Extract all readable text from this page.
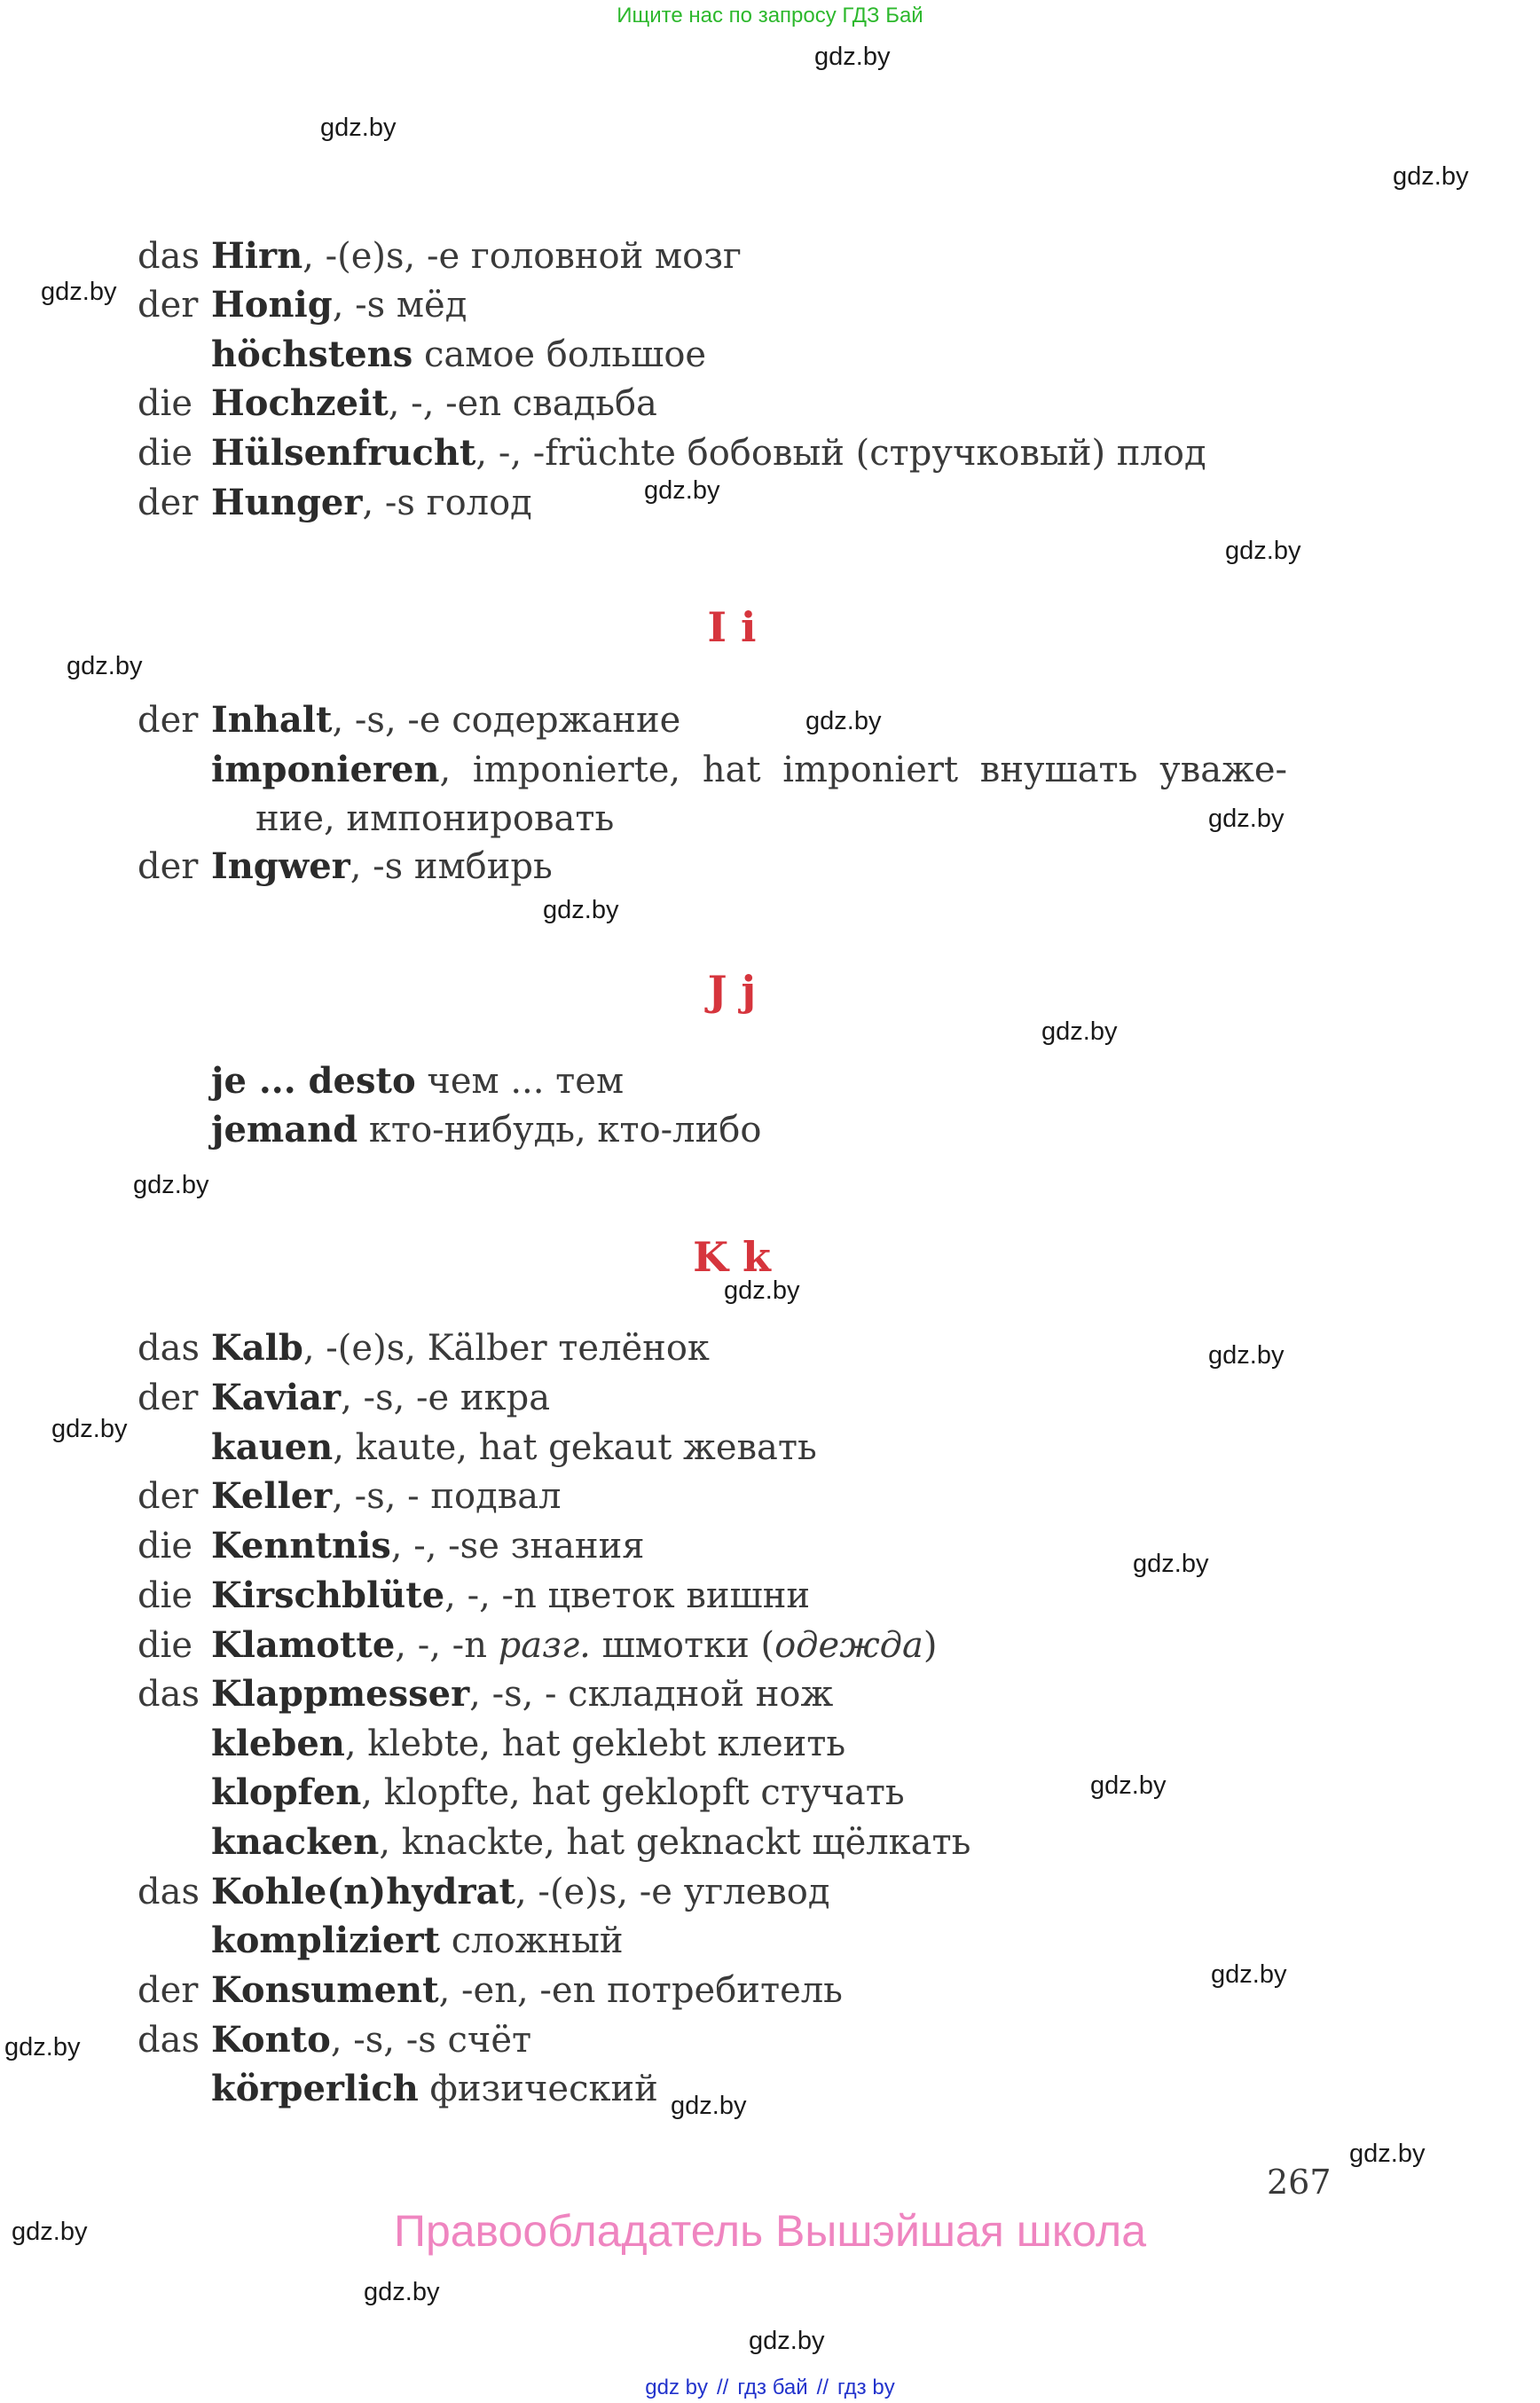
Ищите нас по запросу ГДЗ Бай
gdz.by
gdz.by
gdz.by
gdz.by
gdz.by
gdz.by
gdz.by
gdz.by
gdz.by
gdz.by
gdz.by
gdz.by
gdz.by
gdz.by
gdz.by
gdz.by
gdz.by
gdz.by
gdz.by
gdz.by
gdz.by
gdz.by
gdz.by
gdz.by
das Hirn, -(e)s, -e головной мозг
der Honig, -s мёд
höchstens самое большое
die Hochzeit, -, -en свадьба
die Hülsenfrucht, -, -früchte бобовый (стручковый) плод
der Hunger, -s голод
I i
der Inhalt, -s, -e содержание
imponieren, imponierte, hat imponiert внушать уваже-
ние, импонировать
der Ingwer, -s имбирь
J j
je ... desto чем ... тем
jemand кто-нибудь, кто-либо
K k
das Kalb, -(e)s, Kälber телёнок
der Kaviar, -s, -e икра
kauen, kaute, hat gekaut жевать
der Keller, -s, - подвал
die Kenntnis, -, -se знания
die Kirschblüte, -, -n цветок вишни
die Klamotte, -, -n разг. шмотки (одежда)
das Klappmesser, -s, - складной нож
kleben, klebte, hat geklebt клеить
klopfen, klopfte, hat geklopft стучать
knacken, knackte, hat geknackt щёлкать
das Kohle(n)hydrat, -(e)s, -e углевод
kompliziert сложный
der Konsument, -en, -en потребитель
das Konto, -s, -s счёт
körperlich физический
267
Правообладатель Вышэйшая школа
gdz by // гдз бай // гдз by
